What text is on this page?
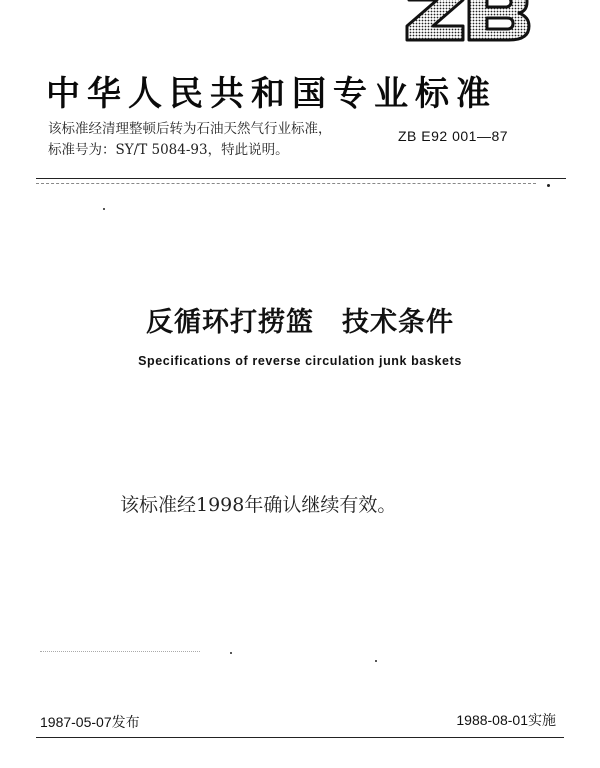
中华人民共和国专业标准
该标准经清理整顿后转为石油天然气行业标准，
标准号为：SY/T 5084-93，特此说明。
ZB E92 001—87
反循环打捞篮　技术条件
Specifications of reverse circulation junk baskets
该标准经1998年确认继续有效。
1987-05-07发布	1988-08-01实施
